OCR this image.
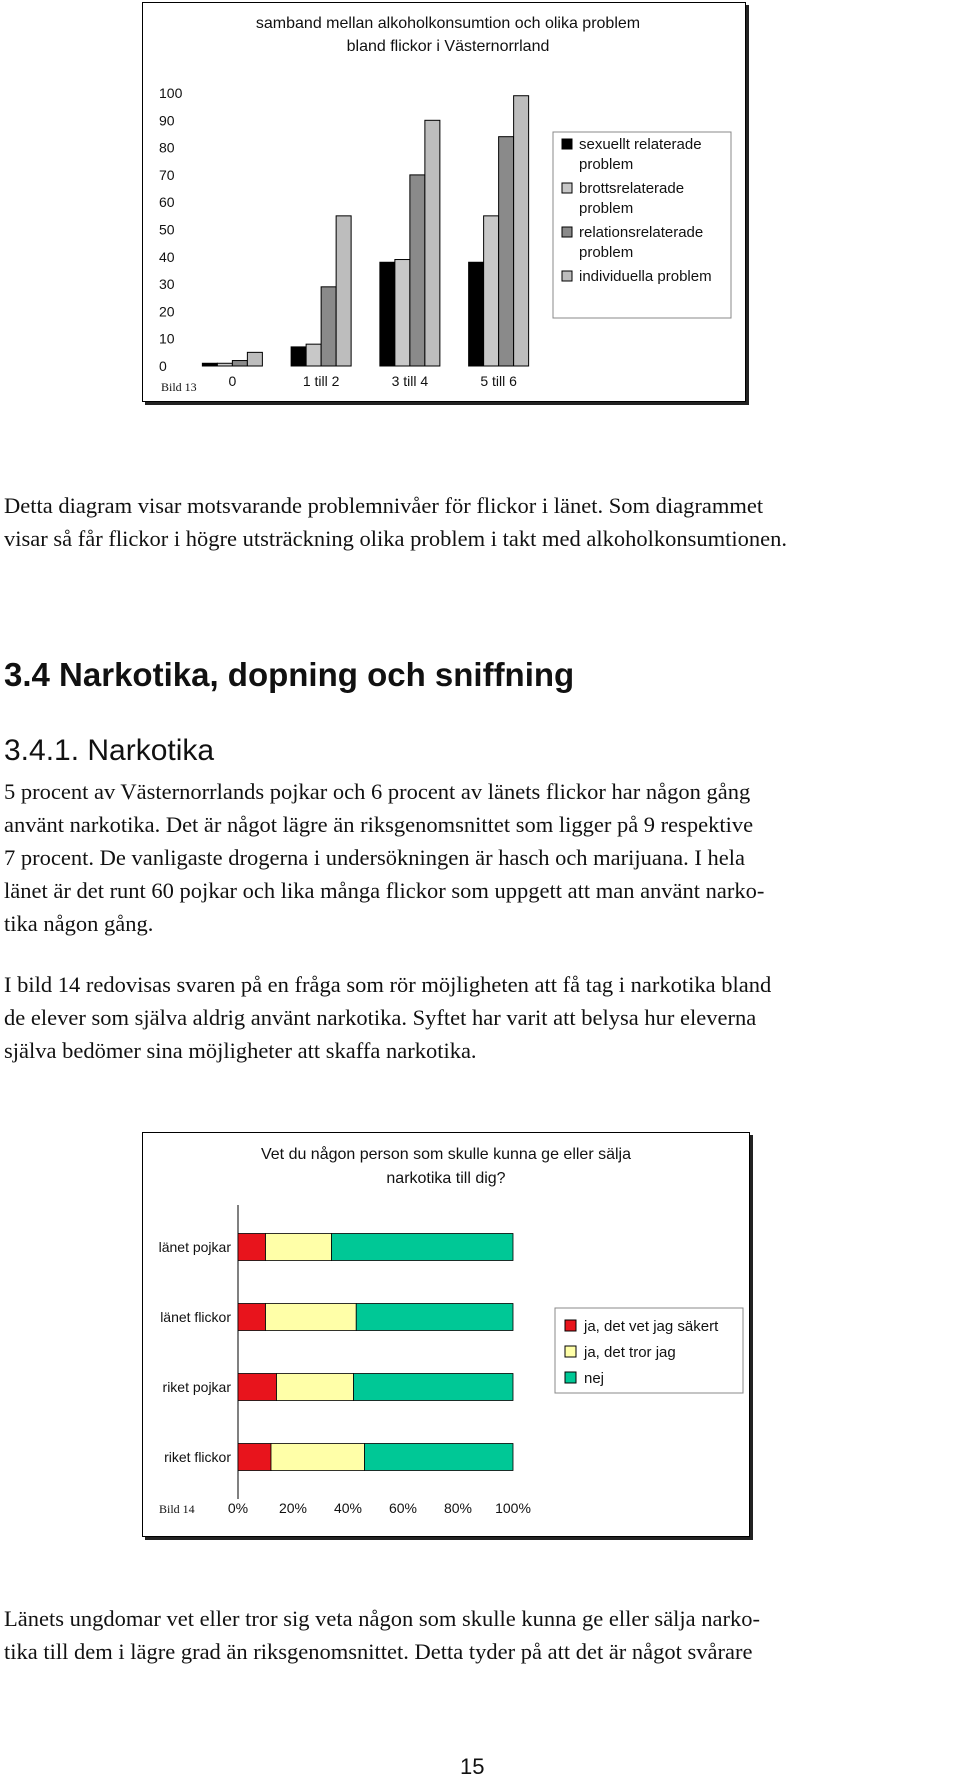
samband mellan alkoholkonsumtion och olika problem
bland flickor i Västernorrland
0
10
20
30
40
50
60
70
80
90
100
0	1 till 2	3 till 4	5 till 6
Bild 13
sexuellt relaterade
problem
brottsrelaterade
problem
relationsrelaterade
problem
individuella problem

Detta diagram visar motsvarande problemnivåer för flickor i länet. Som diagrammet
visar så får flickor i högre utsträckning olika problem i takt med alkoholkonsumtionen.

3.4 Narkotika, dopning och sniffning
3.4.1. Narkotika

5 procent av Västernorrlands pojkar och 6 procent av länets flickor har någon gång
använt narkotika. Det är något lägre än riksgenomsnittet som ligger på 9 respektive
7 procent. De vanligaste drogerna i undersökningen är hasch och marijuana. I hela
länet är det runt 60 pojkar och lika många flickor som uppgett att man använt narko-
tika någon gång.

I bild 14 redovisas svaren på en fråga som rör möjligheten att få tag i narkotika bland
de elever som själva aldrig använt narkotika. Syftet har varit att belysa hur eleverna
själva bedömer sina möjligheter att skaffa narkotika.

Vet du någon person som skulle kunna ge eller sälja
narkotika till dig?
länet pojkar
länet flickor
riket pojkar
riket flickor
0% 20% 40% 60% 80% 100%
Bild 14
ja, det vet jag säkert
ja, det tror jag
nej

Länets ungdomar vet eller tror sig veta någon som skulle kunna ge eller sälja narko-
tika till dem i lägre grad än riksgenomsnittet. Detta tyder på att det är något svårare

15
